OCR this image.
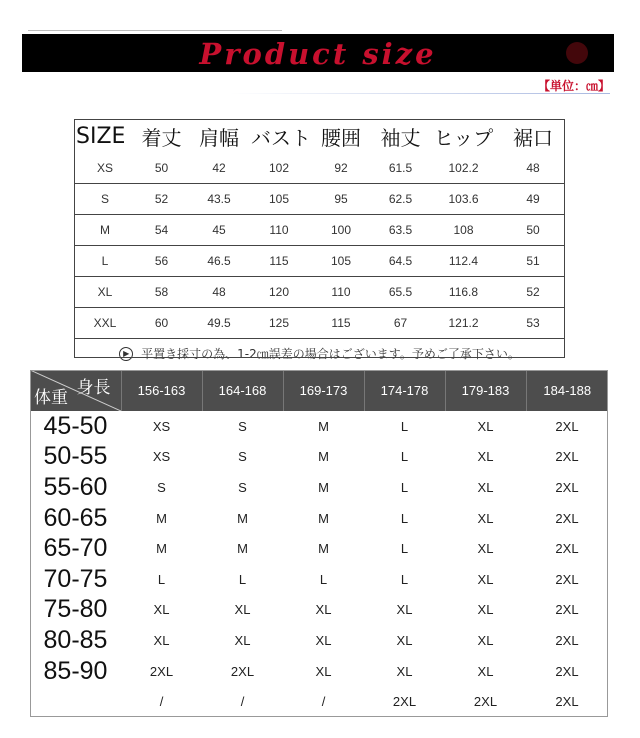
Product size
【単位：㎝】
SIZE	着丈	肩幅	バスト	腰囲	袖丈	ヒップ	裾口
XS	50	42	102	92	61.5	102.2	48
S	52	43.5	105	95	62.5	103.6	49
M	54	45	110	100	63.5	108	50
L	56	46.5	115	105	64.5	112.4	51
XL	58	48	120	110	65.5	116.8	52
XXL	60	49.5	125	115	67	121.2	53
▶ 平置き採寸の為、1-2㎝誤差の場合はございます。予めご了承下さい。							
身長
体重	156-163	164-168	169-173	174-178	179-183	184-188
45-50	XS	S	M	L	XL	2XL
50-55	XS	S	M	L	XL	2XL
55-60	S	S	M	L	XL	2XL
60-65	M	M	M	L	XL	2XL
65-70	M	M	M	L	XL	2XL
70-75	L	L	L	L	XL	2XL
75-80	XL	XL	XL	XL	XL	2XL
80-85	XL	XL	XL	XL	XL	2XL
85-90	2XL	2XL	XL	XL	XL	2XL
	/	/	/	2XL	2XL	2XL
